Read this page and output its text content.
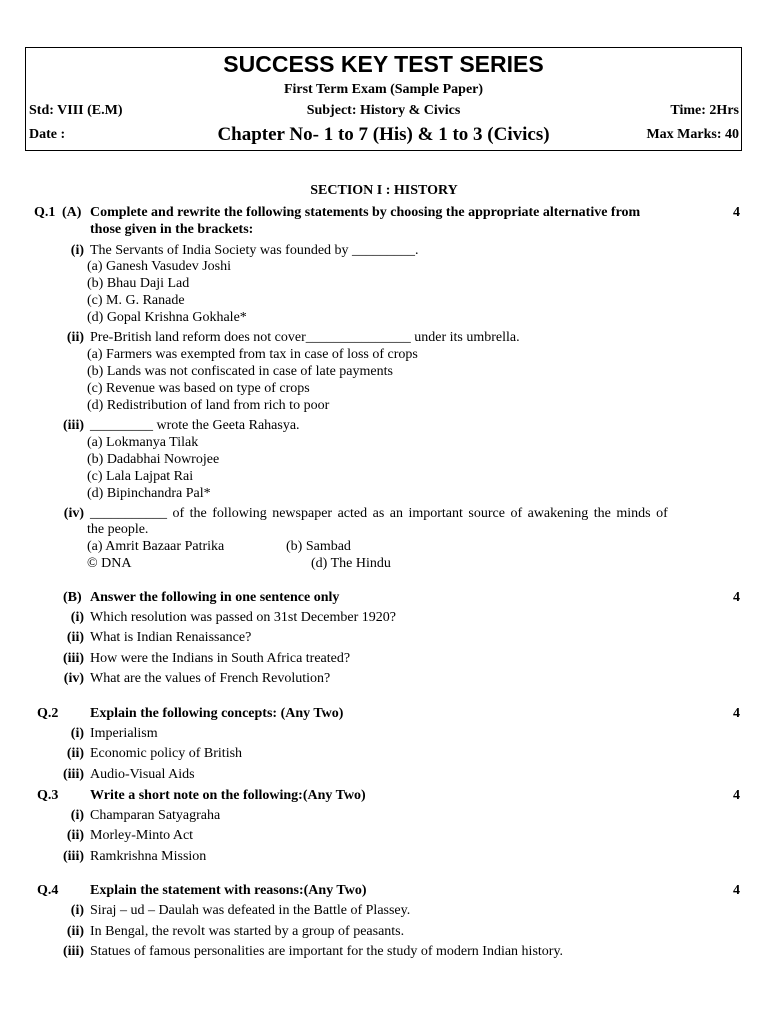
SUCCESS KEY TEST SERIES
First Term Exam (Sample Paper)
Std: VIII (E.M)	Subject: History & Civics	Time: 2Hrs
Date :	Chapter No- 1 to 7 (His) & 1 to 3 (Civics)	Max Marks: 40
SECTION I : HISTORY
Q.1 (A) Complete and rewrite the following statements by choosing the appropriate alternative from
those given in the brackets:
4
(i) The Servants of India Society was founded by _________.
(a) Ganesh Vasudev Joshi
(b) Bhau Daji Lad
(c) M. G. Ranade
(d) Gopal Krishna Gokhale*
(ii) Pre-British land reform does not cover_______________ under its umbrella.
(a) Farmers was exempted from tax in case of loss of crops
(b) Lands was not confiscated in case of late payments
(c) Revenue was based on type of crops
(d) Redistribution of land from rich to poor
(iii) _________ wrote the Geeta Rahasya.
(a) Lokmanya Tilak
(b) Dadabhai Nowrojee
(c) Lala Lajpat Rai
(d) Bipinchandra Pal*
(iv) ___________ of the following newspaper acted as an important source of awakening the minds of
the people.
(a) Amrit Bazaar Patrika	(b) Sambad
© DNA	(d) The Hindu
(B) Answer the following in one sentence only	4
(i) Which resolution was passed on 31st December 1920?
(ii) What is Indian Renaissance?
(iii) How were the Indians in South Africa treated?
(iv) What are the values of French Revolution?
Q.2 Explain the following concepts: (Any Two)	4
(i) Imperialism
(ii) Economic policy of British
(iii) Audio-Visual Aids
Q.3 Write a short note on the following:(Any Two)	4
(i) Champaran Satyagraha
(ii) Morley-Minto Act
(iii) Ramkrishna Mission
Q.4 Explain the statement with reasons:(Any Two)	4
(i) Siraj – ud – Daulah was defeated in the Battle of Plassey.
(ii) In Bengal, the revolt was started by a group of peasants.
(iii) Statues of famous personalities are important for the study of modern Indian history.
